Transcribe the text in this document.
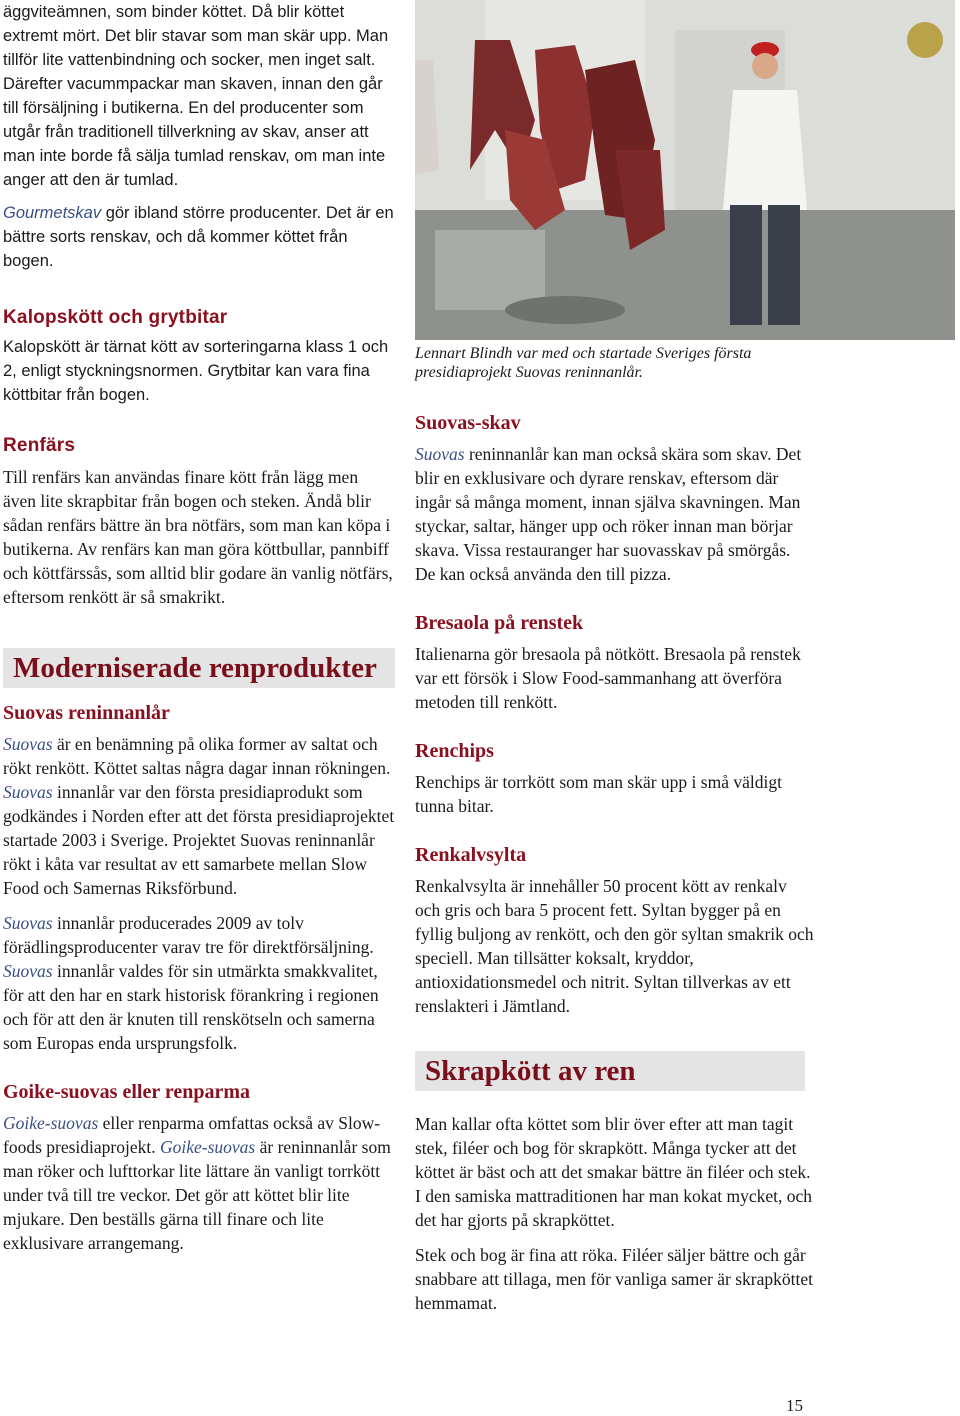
äggviteämnen, som binder köttet. Då blir köttet extremt mört. Det blir stavar som man skär upp. Man tillför lite vattenbindning och socker, men inget salt. Därefter vacummpackar man skaven, innan den går till försäljning i butikerna. En del producenter som utgår från traditionell tillverkning av skav, anser att man inte borde få sälja tumlad renskav, om man inte anger att den är tumlad.

Gourmetskav gör ibland större producenter. Det är en bättre sorts renskav, och då kommer köttet från bogen.

Kalopskött och grytbitar

Kalopskött är tärnat kött av sorteringarna klass 1 och 2, enligt styckningsnormen. Grytbitar kan vara fina köttbitar från bogen.

Renfärs

Till renfärs kan användas finare kött från lägg men även lite skrapbitar från bogen och steken. Ändå blir sådan renfärs bättre än bra nötfärs, som man kan köpa i butikerna. Av renfärs kan man göra köttbullar, pannbiff och köttfärssås, som alltid blir godare än vanlig nötfärs, eftersom renkött är så smakrikt.

Moderniserade renprodukter
Suovas reninnanlår

Suovas är en benämning på olika former av saltat och rökt renkött. Köttet saltas några dagar innan rökningen. Suovas innanlår var den första presidiaprodukt som godkändes i Norden efter att det första presidiaprojektet startade 2003 i Sverige. Projektet Suovas reninnanlår rökt i kåta var resultat av ett samarbete mellan Slow Food och Samernas Riksförbund.

Suovas innanlår producerades 2009 av tolv förädlingsproducenter varav tre för direktförsäljning. Suovas innanlår valdes för sin utmärkta smakkvalitet, för att den har en stark historisk förankring i regionen och för att den är knuten till renskötseln och samerna som Europas enda ursprungsfolk.

Goike-suovas eller renparma

Goike-suovas eller renparma omfattas också av Slow-foods presidiaprojekt. Goike-suovas är reninnanlår som man röker och lufttorkar lite lättare än vanligt torrkött under två till tre veckor. Det gör att köttet blir lite mjukare. Den beställs gärna till finare och lite exklusivare arrangemang.

Lennart Blindh var med och startade Sveriges första presidiaprojekt Suovas reninnanlår.

Suovas-skav

Suovas reninnanlår kan man också skära som skav. Det blir en exklusivare och dyrare renskav, eftersom där ingår så många moment, innan själva skavningen. Man styckar, saltar, hänger upp och röker innan man börjar skava. Vissa restauranger har suovasskav på smörgås. De kan också använda den till pizza.

Bresaola på renstek

Italienarna gör bresaola på nötkött. Bresaola på renstek var ett försök i Slow Food-sammanhang att överföra metoden till renkött.

Renchips

Renchips är torrkött som man skär upp i små väldigt tunna bitar.

Renkalvsylta

Renkalvsylta är innehåller 50 procent kött av renkalv och gris och bara 5 procent fett. Syltan bygger på en fyllig buljong av renkött, och den gör syltan smakrik och speciell. Man tillsätter koksalt, kryddor, antioxidationsmedel och nitrit. Syltan tillverkas av ett renslakteri i Jämtland.

Skrapkött av ren

Man kallar ofta köttet som blir över efter att man tagit stek, filéer och bog för skrapkött. Många tycker att det köttet är bäst och att det smakar bättre än filéer och stek. I den samiska mattraditionen har man kokat mycket, och det har gjorts på skrapköttet.

Stek och bog är fina att röka. Filéer säljer bättre och går snabbare att tillaga, men för vanliga samer är skrapköttet hemmamat.

15
